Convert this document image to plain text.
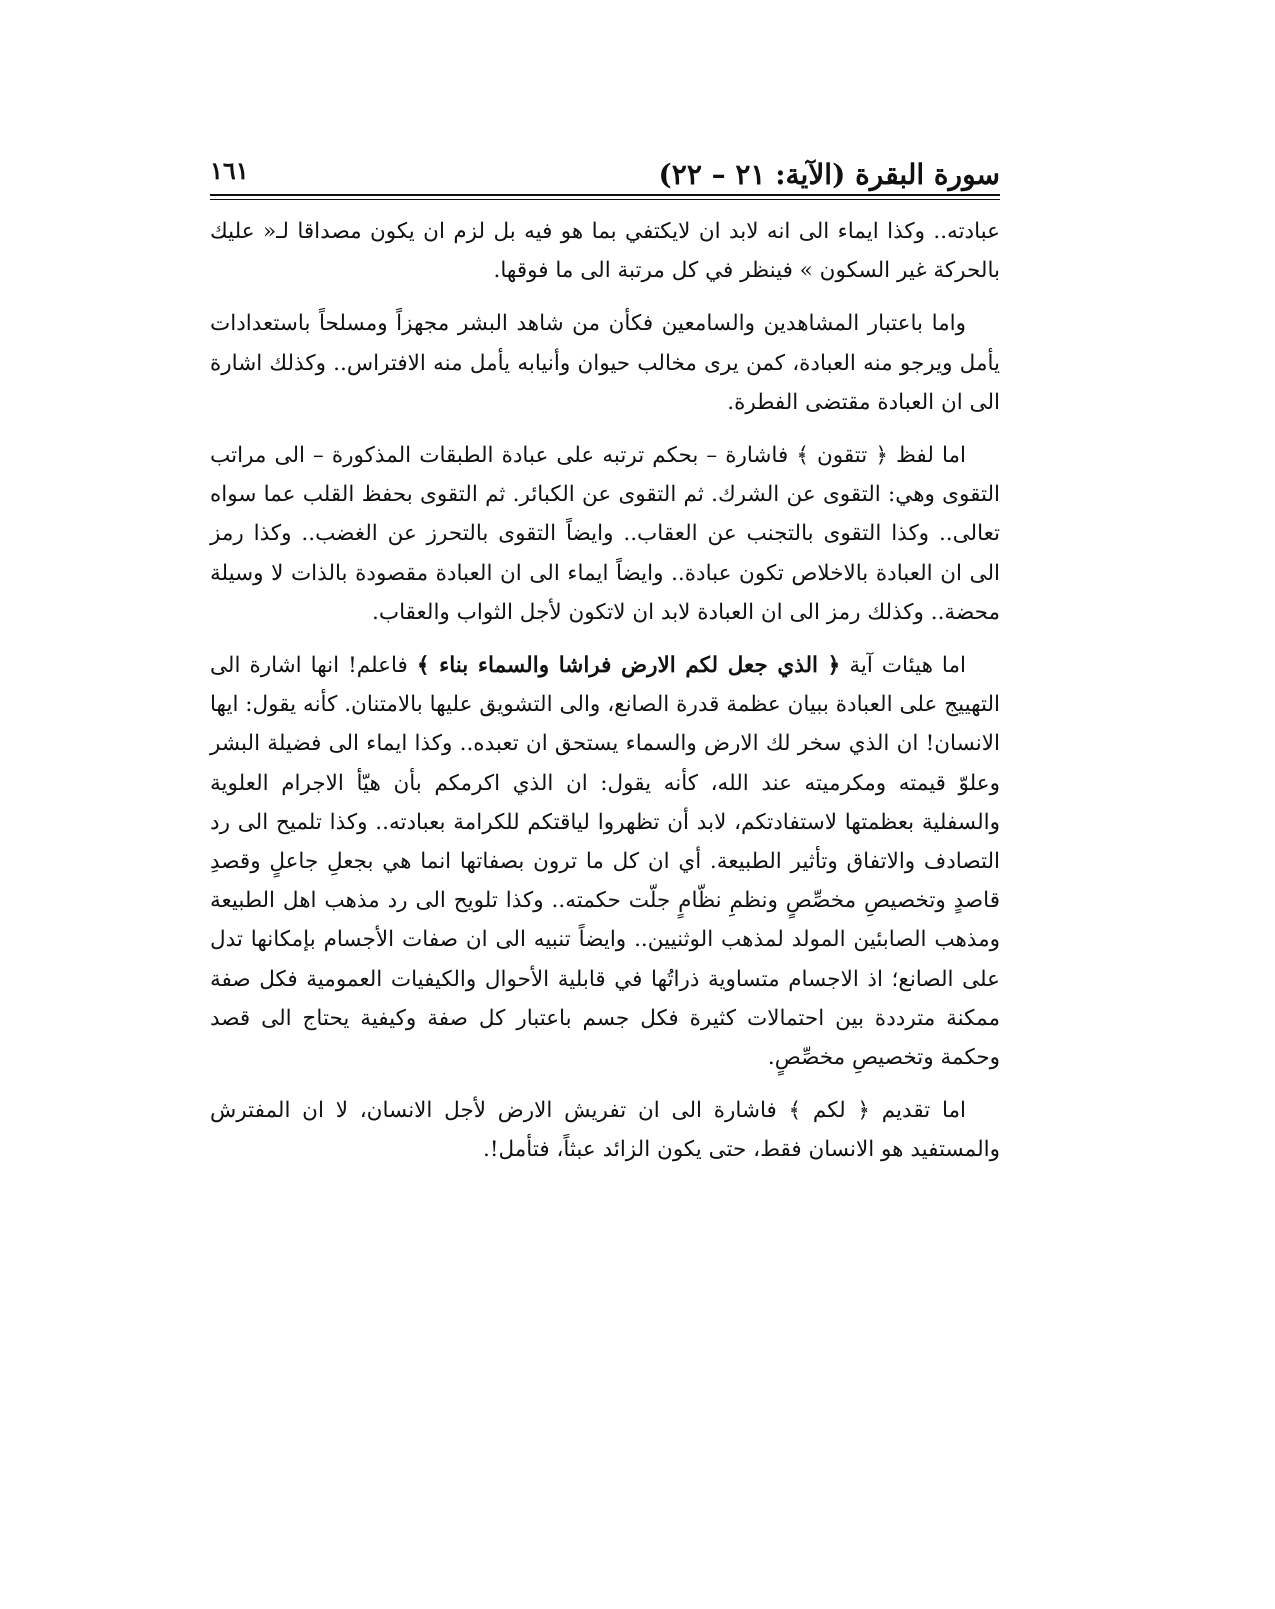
سورة البقرة (الآية: ٢١ – ٢٢)
١٦١

عبادته.. وكذا ايماء الى انه لابد ان لايكتفي بما هو فيه بل لزم ان يكون مصداقا لـ« عليك بالحركة غير السكون » فينظر في كل مرتبة الى ما فوقها.

واما باعتبار المشاهدين والسامعين فكأن من شاهد البشر مجهزاً ومسلحاً باستعدادات يأمل ويرجو منه العبادة، كمن يرى مخالب حيوان وأنيابه يأمل منه الافتراس.. وكذلك اشارة الى ان العبادة مقتضى الفطرة.

اما لفظ ﴿ تتقون ﴾ فاشارة – بحكم ترتبه على عبادة الطبقات المذكورة – الى مراتب التقوى وهي: التقوى عن الشرك. ثم التقوى عن الكبائر. ثم التقوى بحفظ القلب عما سواه تعالى.. وكذا التقوى بالتجنب عن العقاب.. وايضاً التقوى بالتحرز عن الغضب.. وكذا رمز الى ان العبادة بالاخلاص تكون عبادة.. وايضاً ايماء الى ان العبادة مقصودة بالذات لا وسيلة محضة.. وكذلك رمز الى ان العبادة لابد ان لاتكون لأجل الثواب والعقاب.

اما هيئات آية ﴿ الذي جعل لكم الارض فراشا والسماء بناء ﴾ فاعلم! انها اشارة الى التهييج على العبادة ببيان عظمة قدرة الصانع، والى التشويق عليها بالامتنان. كأنه يقول: ايها الانسان! ان الذي سخر لك الارض والسماء يستحق ان تعبده.. وكذا ايماء الى فضيلة البشر وعلوّ قيمته ومكرميته عند الله، كأنه يقول: ان الذي اكرمكم بأن هيّأ الاجرام العلوية والسفلية بعظمتها لاستفادتكم، لابد أن تظهروا لياقتكم للكرامة بعبادته.. وكذا تلميح الى رد التصادف والاتفاق وتأثير الطبيعة. أي ان كل ما ترون بصفاتها انما هي بجعلِ جاعلٍ وقصدِ قاصدٍ وتخصيصِ مخصِّصٍ ونظمِ نظّامٍ جلّت حكمته.. وكذا تلويح الى رد مذهب اهل الطبيعة ومذهب الصابئين المولد لمذهب الوثنيين.. وايضاً تنبيه الى ان صفات الأجسام بإمكانها تدل على الصانع؛ اذ الاجسام متساوية ذراتُها في قابلية الأحوال والكيفيات العمومية فكل صفة ممكنة مترددة بين احتمالات كثيرة فكل جسم باعتبار كل صفة وكيفية يحتاج الى قصد وحكمة وتخصيصِ مخصِّصٍ.

اما تقديم ﴿ لكم ﴾ فاشارة الى ان تفريش الارض لأجل الانسان، لا ان المفترش والمستفيد هو الانسان فقط، حتى يكون الزائد عبثاً، فتأمل!.
